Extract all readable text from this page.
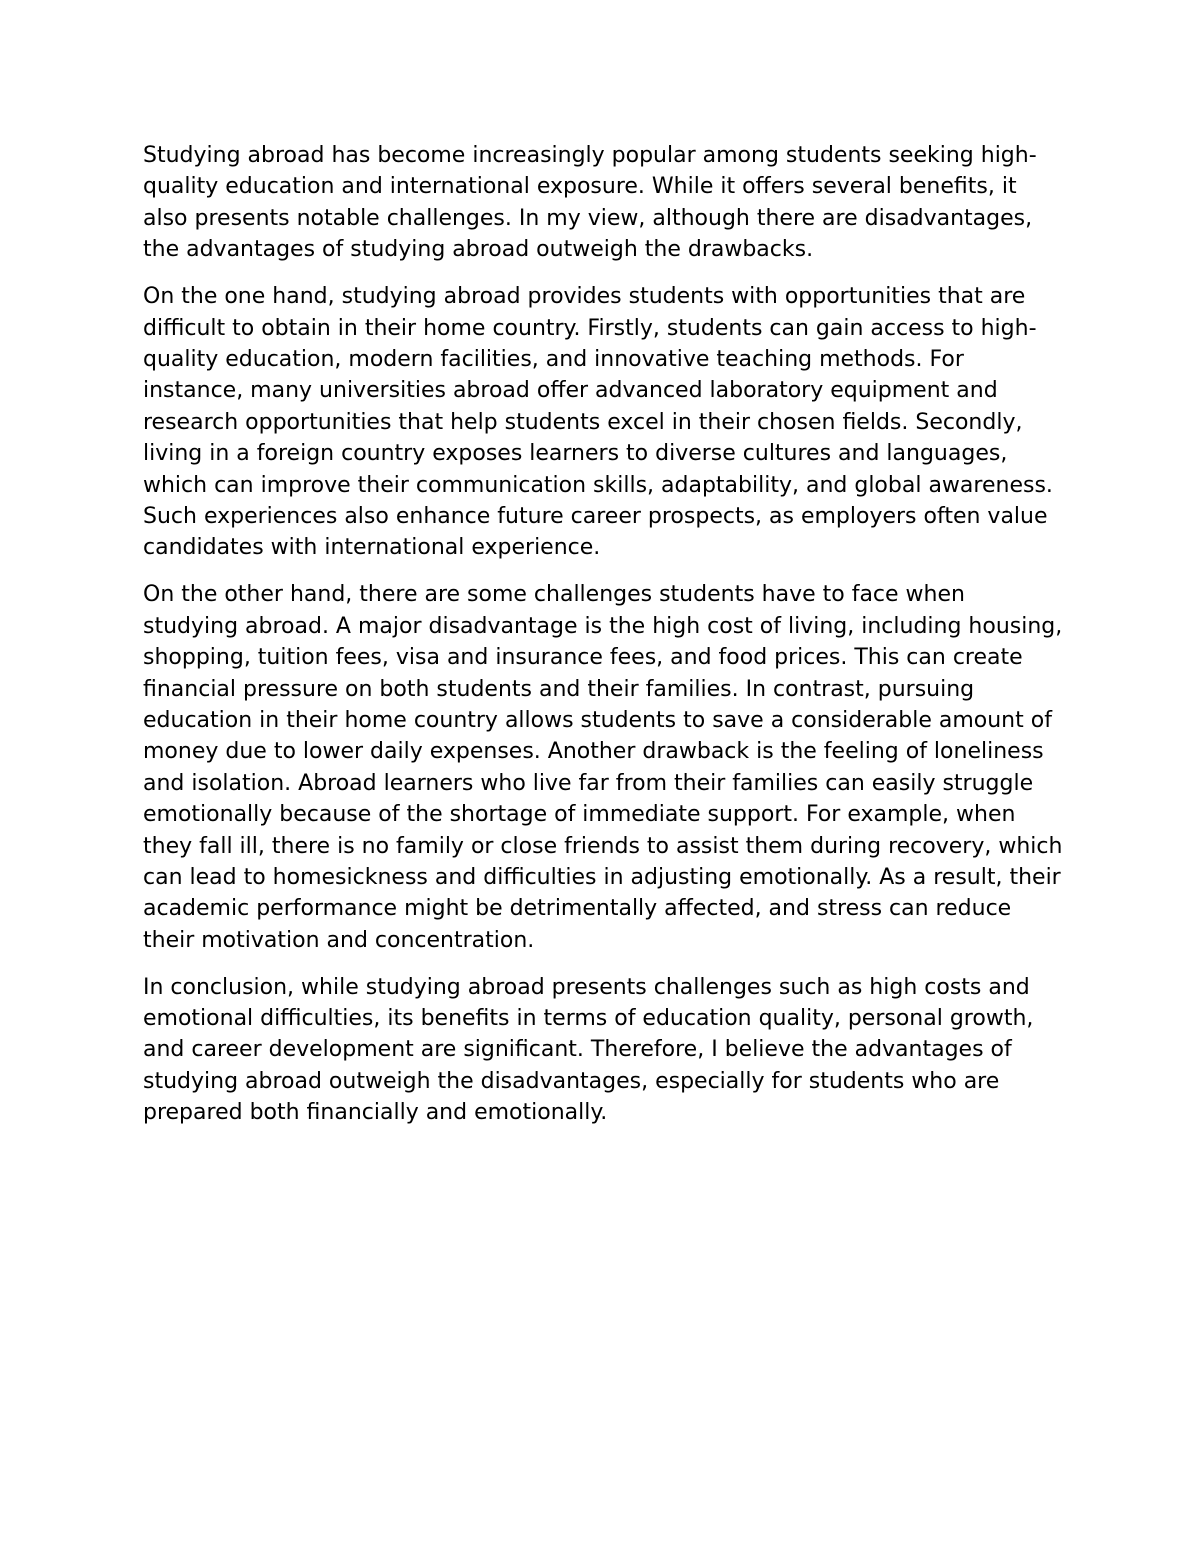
Studying abroad has become increasingly popular among students seeking high-quality education and international exposure. While it offers several benefits, it also presents notable challenges. In my view, although there are disadvantages, the advantages of studying abroad outweigh the drawbacks.

On the one hand, studying abroad provides students with opportunities that are difficult to obtain in their home country. Firstly, students can gain access to high-quality education, modern facilities, and innovative teaching methods. For instance, many universities abroad offer advanced laboratory equipment and research opportunities that help students excel in their chosen fields. Secondly, living in a foreign country exposes learners to diverse cultures and languages, which can improve their communication skills, adaptability, and global awareness. Such experiences also enhance future career prospects, as employers often value candidates with international experience.

On the other hand, there are some challenges students have to face when studying abroad. A major disadvantage is the high cost of living, including housing, shopping, tuition fees, visa and insurance fees, and food prices. This can create financial pressure on both students and their families. In contrast, pursuing education in their home country allows students to save a considerable amount of money due to lower daily expenses. Another drawback is the feeling of loneliness and isolation. Abroad learners who live far from their families can easily struggle emotionally because of the shortage of immediate support. For example, when they fall ill, there is no family or close friends to assist them during recovery, which can lead to homesickness and difficulties in adjusting emotionally. As a result, their academic performance might be detrimentally affected, and stress can reduce their motivation and concentration.

In conclusion, while studying abroad presents challenges such as high costs and emotional difficulties, its benefits in terms of education quality, personal growth, and career development are significant. Therefore, I believe the advantages of studying abroad outweigh the disadvantages, especially for students who are prepared both financially and emotionally.
